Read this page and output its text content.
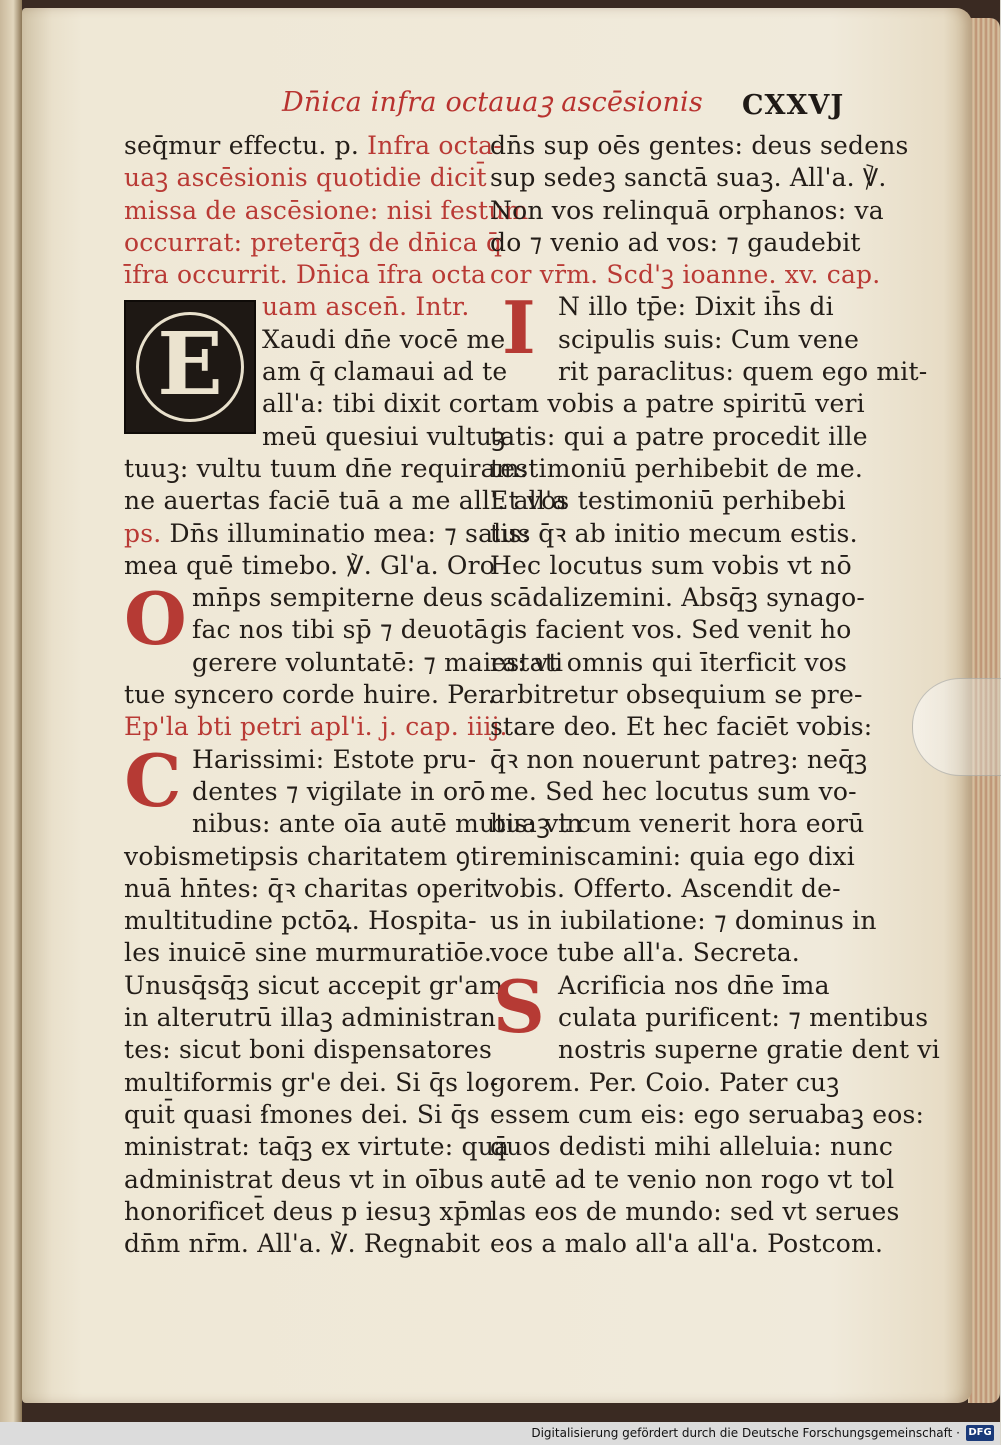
Dn̄ica infra octauaꝫ ascēsionis	CXXVJ
E
seq̄mur effectu. p. Infra octa-
uaꝫ ascēsionis quotidie dicit̄
missa de ascēsione: nisi festum
occurrat: preterq̄ꝫ de dn̄ica q̄
īfra occurrit. Dn̄ica īfra octa
uam ascen̄. Intr.
Xaudi dn̄e vocē me
am q̄ clamaui ad te
all'a: tibi dixit cor
meū quesiui vultuꝫ
tuuꝫ: vultu tuum dn̄e requiram:
ne auertas faciē tuā a me all'. all'a
ps. Dn̄s illuminatio mea: ⁊ salus
mea quē timebo. ℣. Gl'a. Oro
O mn̄ps sempiterne deus
fac nos tibi sp̄ ⁊ deuotā
gerere voluntatē: ⁊ maiestati
tue syncero corde huire. Per.
Ep'la bti petri apl'i. j. cap. iiij.
C Harissimi: Estote pru-
dentes ⁊ vigilate in orō
nibus: ante oīa autē mutuaꝫ in
vobismetipsis charitatem ꝯti
nuā hn̄tes: q̄ꝛ charitas operit
multitudine pctōꝝ. Hospita-
les inuicē sine murmuratiōe.
Unusq̄sq̄ꝫ sicut accepit gr'am
in alterutrū illaꝫ administran
tes: sicut boni dispensatores
multiformis gr'e dei. Si q̄s lo-
quit̄ quasi ẜmones dei. Si q̄s
ministrat: taq̄ꝫ ex virtute: quā
administrat deus vt in oībus
honorificet̄ deus p iesuꝫ xp̄m
dn̄m nr̄m. All'a. ℣. Regnabit
dn̄s sup oēs gentes: deus sedens
sup sedeꝫ sanctā suaꝫ. All'a. ℣.
Non vos relinquā orphanos: va
do ⁊ venio ad vos: ⁊ gaudebit
cor vr̄m. Scd'ꝫ ioanne. xv. cap.
I N illo tp̄e: Dixit ih̄s di
scipulis suis: Cum vene
rit paraclitus: quem ego mit-
tam vobis a patre spiritū veri
tatis: qui a patre procedit ille
testimoniū perhibebit de me.
Et vos testimoniū perhibebi
tis: q̄ꝛ ab initio mecum estis.
Hec locutus sum vobis vt nō
scādalizemini. Absq̄ꝫ synago-
gis facient vos. Sed venit ho
ra: vt omnis qui īterficit vos
arbitretur obsequium se pre-
stare deo. Et hec faciēt vobis:
q̄ꝛ non nouerunt patreꝫ: neq̄ꝫ
me. Sed hec locutus sum vo-
bis: vt cum venerit hora eorū
reminiscamini: quia ego dixi
vobis. Offerto. Ascendit de-
us in iubilatione: ⁊ dominus in
voce tube all'a. Secreta.
S Acrificia nos dn̄e īma
culata purificent: ⁊ mentibus
nostris superne gratie dent vi
gorem. Per. Coio. Pater cuꝫ
essem cum eis: ego seruabaꝫ eos:
quos dedisti mihi alleluia: nunc
autē ad te venio non rogo vt tol
las eos de mundo: sed vt serues
eos a malo all'a all'a. Postcom.
Digitalisierung gefördert durch die Deutsche Forschungsgemeinschaft · DFG
